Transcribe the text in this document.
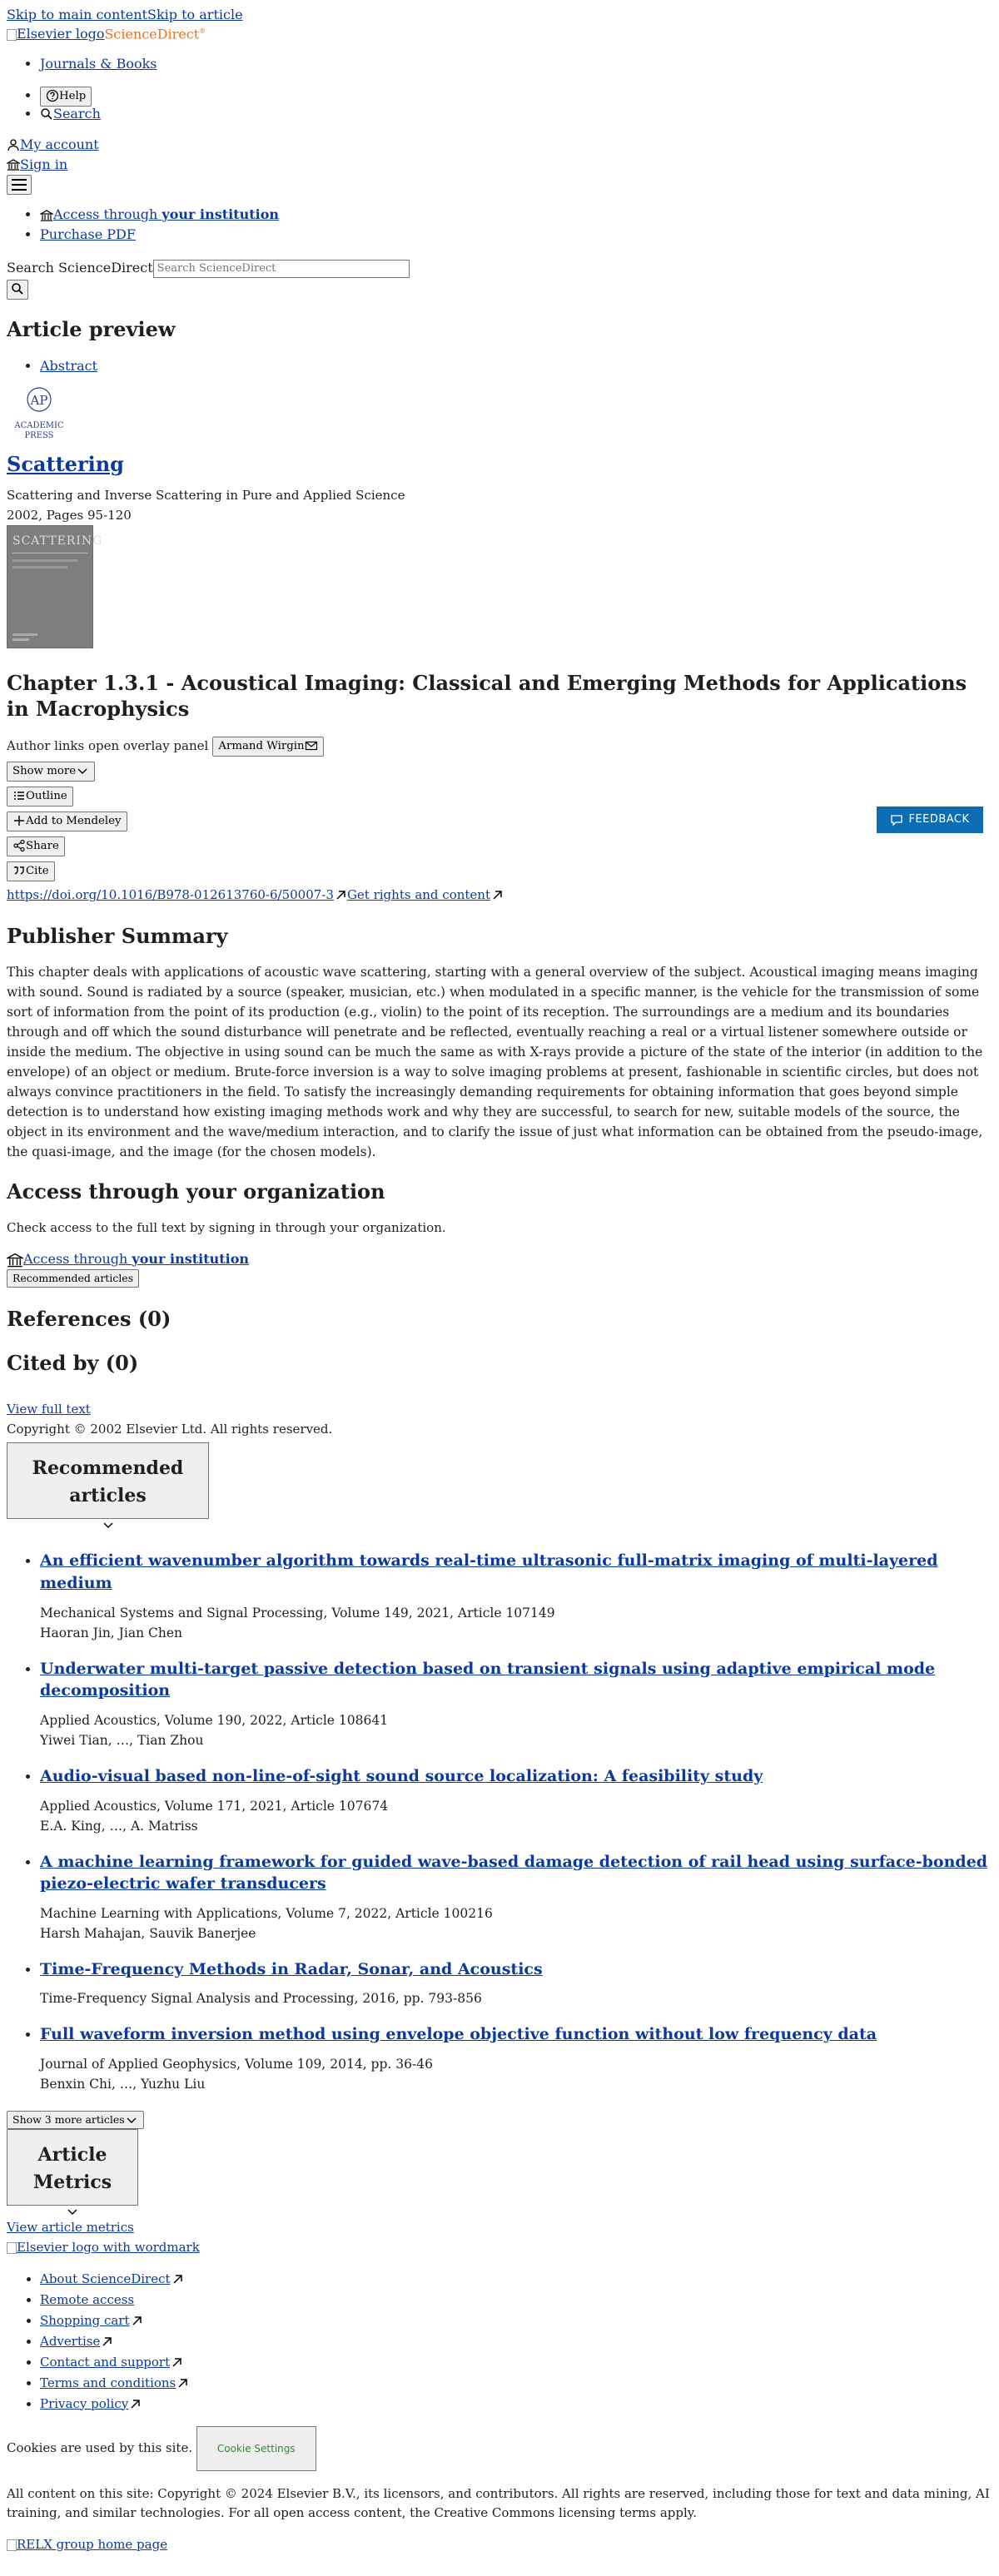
Skip to main contentSkip to article
Elsevier logoScienceDirect®
• Journals & Books
•
Help
• Search
My account
Sign in
• Access through your institution
• Purchase PDF
Search ScienceDirectSearch ScienceDirect
Article preview
• Abstract
AP
ACADEMIC
PRESS
Scattering
Scattering and Inverse Scattering in Pure and Applied Science
2002, Pages 95-120
SCATTERING
Chapter 1.3.1 - Acoustical Imaging: Classical and Emerging Methods for Applications in Macrophysics
Author links open overlay panel Armand Wirgin
Show more
Outline
Add to Mendeley
Share
Cite
https://doi.org/10.1016/B978-012613760-6/50007-3 Get rights and content
Publisher Summary

This chapter deals with applications of acoustic wave scattering, starting with a general overview of the subject. Acoustical imaging means imaging with sound. Sound is radiated by a source (speaker, musician, etc.) when modulated in a specific manner, is the vehicle for the transmission of some sort of information from the point of its production (e.g., violin) to the point of its reception. The surroundings are a medium and its boundaries through and off which the sound disturbance will penetrate and be reflected, eventually reaching a real or a virtual listener somewhere outside or inside the medium. The objective in using sound can be much the same as with X-rays provide a picture of the state of the interior (in addition to the envelope) of an object or medium. Brute-force inversion is a way to solve imaging problems at present, fashionable in scientific circles, but does not always convince practitioners in the field. To satisfy the increasingly demanding requirements for obtaining information that goes beyond simple detection is to understand how existing imaging methods work and why they are successful, to search for new, suitable models of the source, the object in its environment and the wave/medium interaction, and to clarify the issue of just what information can be obtained from the pseudo-image, the quasi-image, and the image (for the chosen models).

Access through your organization

Check access to the full text by signing in through your organization.

Access through your institution
Recommended articles
References (0)
Cited by (0)
View full text
Copyright © 2002 Elsevier Ltd. All rights reserved.
Recommended articles
• An efficient wavenumber algorithm towards real-time ultrasonic full-matrix imaging of multi-layered medium
Mechanical Systems and Signal Processing, Volume 149, 2021, Article 107149
Haoran Jin, Jian Chen
• Underwater multi-target passive detection based on transient signals using adaptive empirical mode decomposition
Applied Acoustics, Volume 190, 2022, Article 108641
Yiwei Tian, …, Tian Zhou
• Audio-visual based non-line-of-sight sound source localization: A feasibility study
Applied Acoustics, Volume 171, 2021, Article 107674
E.A. King, …, A. Matriss
• A machine learning framework for guided wave-based damage detection of rail head using surface-bonded piezo-electric wafer transducers
Machine Learning with Applications, Volume 7, 2022, Article 100216
Harsh Mahajan, Sauvik Banerjee
• Time-Frequency Methods in Radar, Sonar, and Acoustics
Time-Frequency Signal Analysis and Processing, 2016, pp. 793-856
• Full waveform inversion method using envelope objective function without low frequency data
Journal of Applied Geophysics, Volume 109, 2014, pp. 36-46
Benxin Chi, …, Yuzhu Liu
Show 3 more articles
Article Metrics
View article metrics
Elsevier logo with wordmark
• About ScienceDirect
• Remote access
• Shopping cart
• Advertise
• Contact and support
• Terms and conditions
• Privacy policy
Cookies are used by this site. Cookie Settings

All content on this site: Copyright © 2024 Elsevier B.V., its licensors, and contributors. All rights are reserved, including those for text and data mining, AI training, and similar technologies. For all open access content, the Creative Commons licensing terms apply.

RELX group home page
FEEDBACK
